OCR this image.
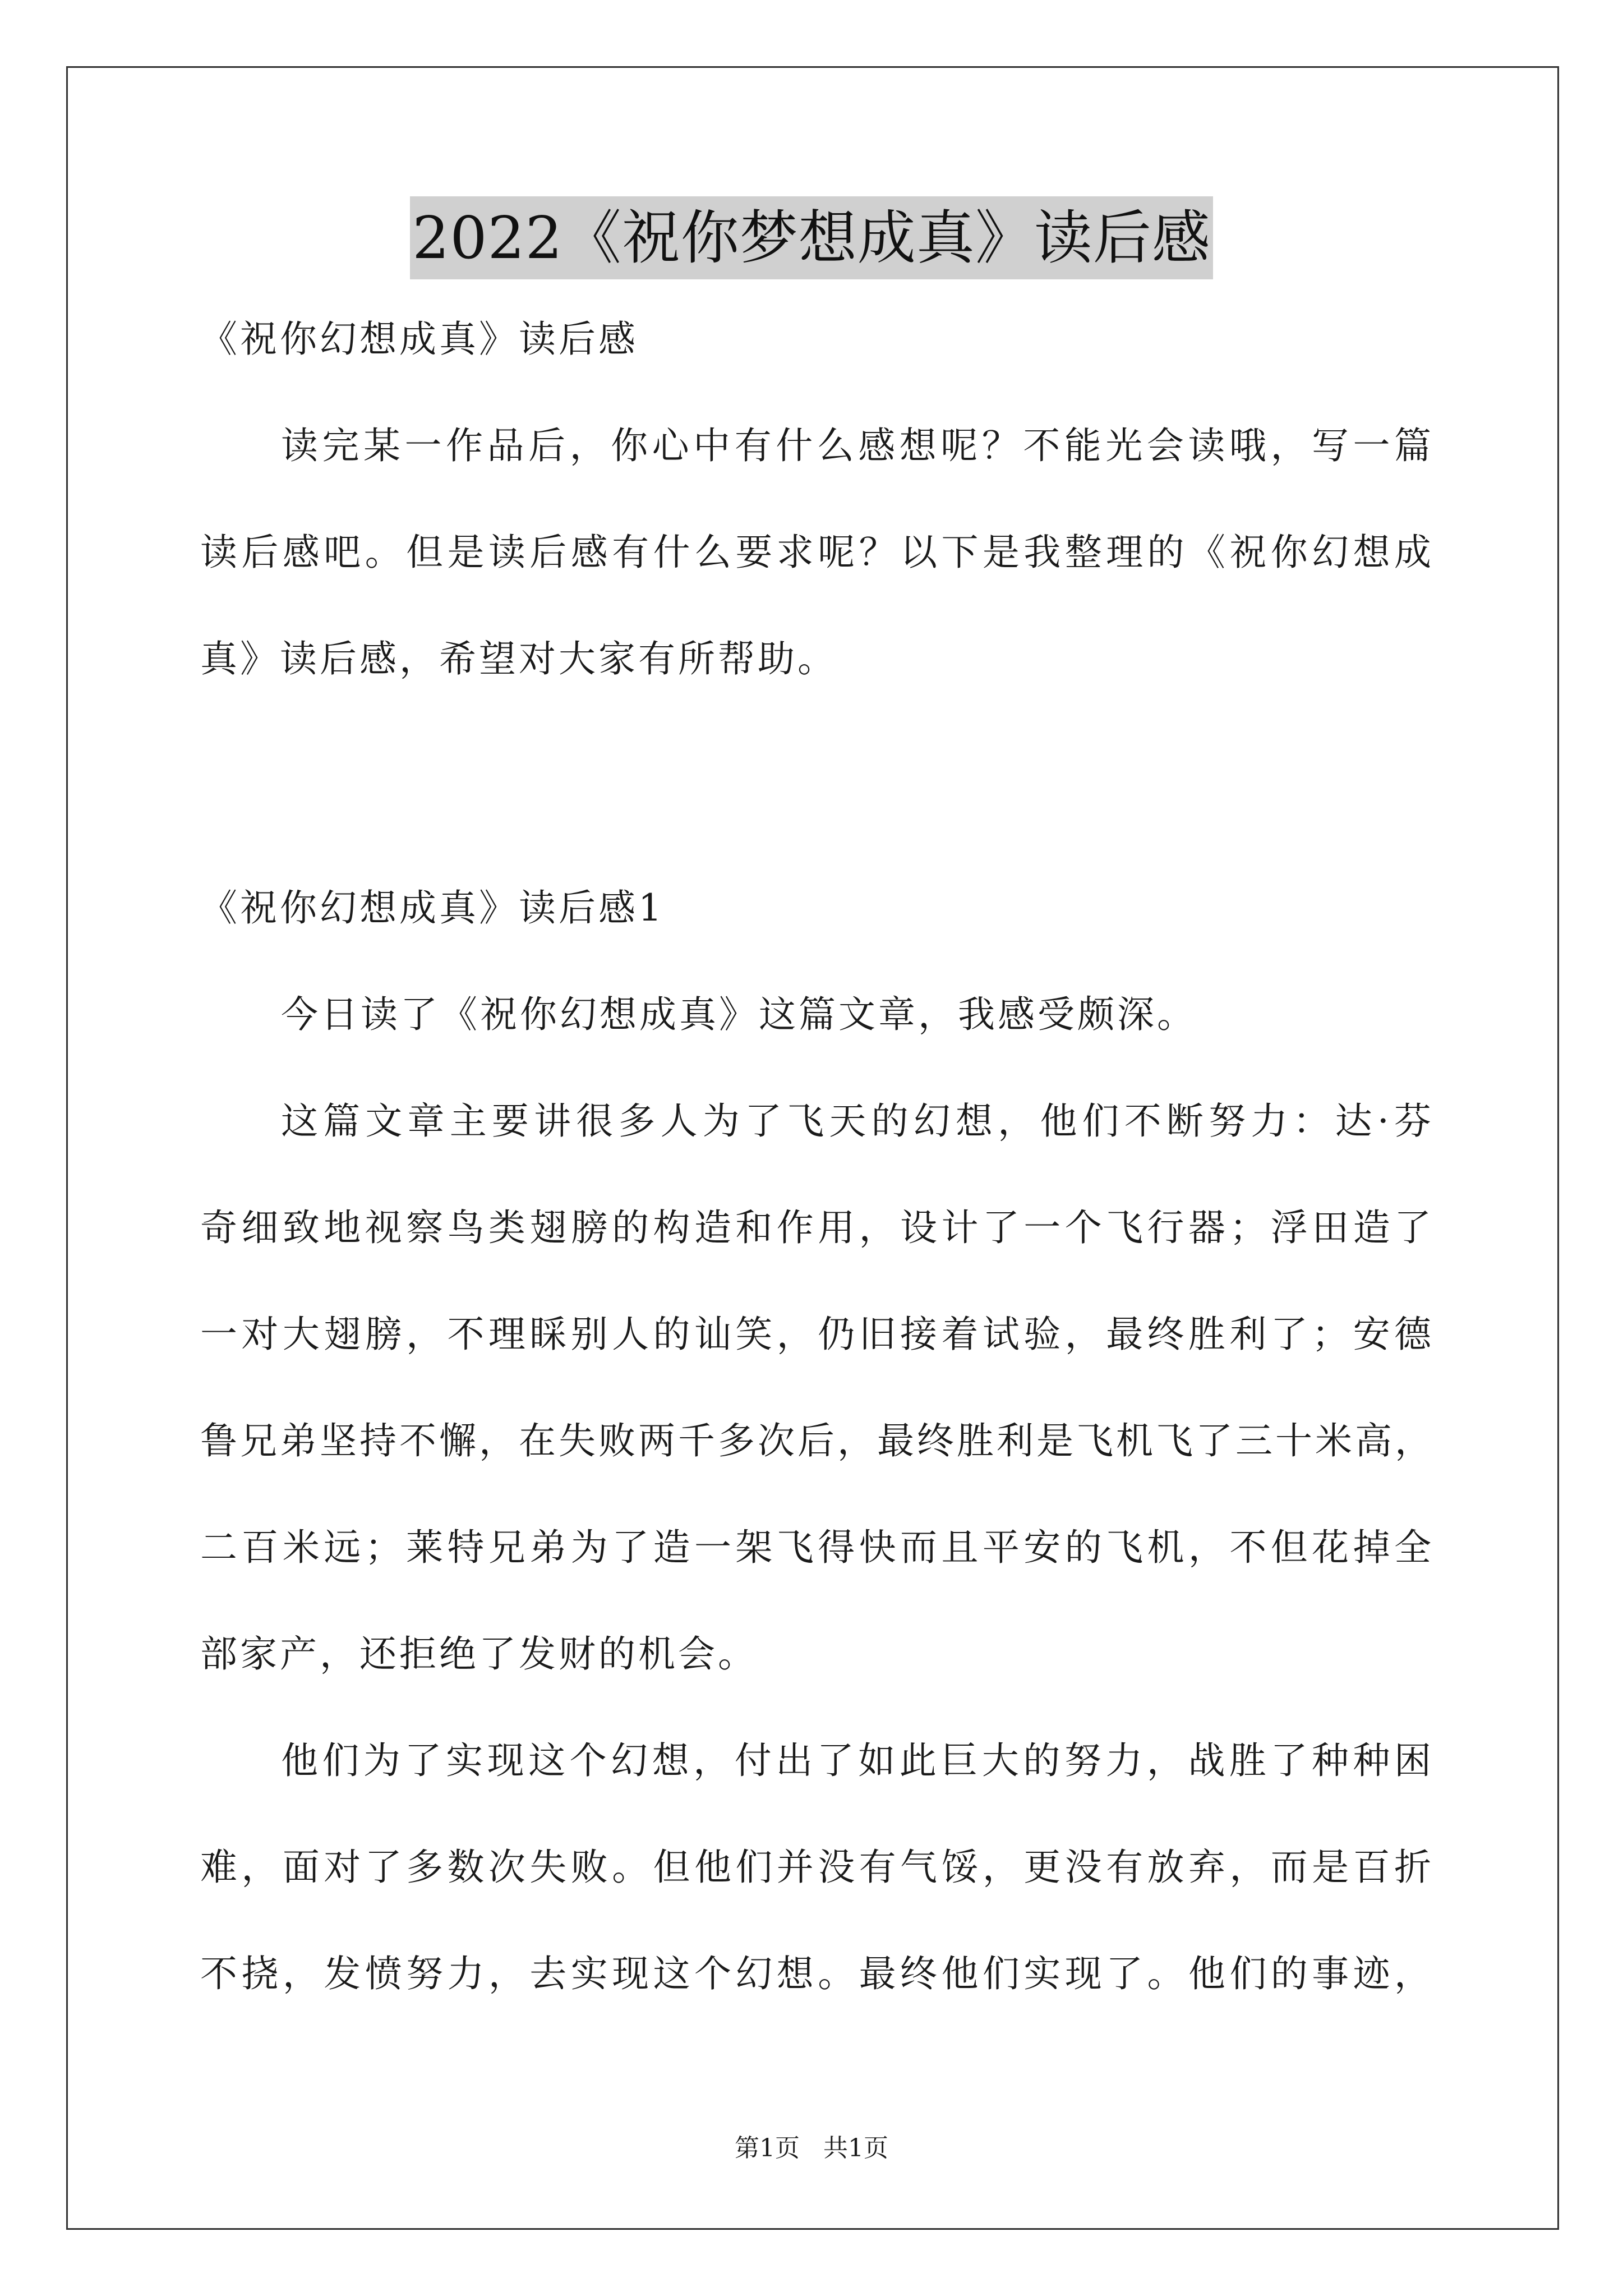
2022《祝你梦想成真》读后感
《祝你幻想成真》读后感
读完某一作品后，你心中有什么感想呢？不能光会读哦，写一篇
读后感吧。但是读后感有什么要求呢？以下是我整理的《祝你幻想成
真》读后感，希望对大家有所帮助。
《祝你幻想成真》读后感1
今日读了《祝你幻想成真》这篇文章，我感受颇深。
这篇文章主要讲很多人为了飞天的幻想，他们不断努力：达·芬
奇细致地视察鸟类翅膀的构造和作用，设计了一个飞行器；浮田造了
一对大翅膀，不理睬别人的讪笑，仍旧接着试验，最终胜利了；安德
鲁兄弟坚持不懈，在失败两千多次后，最终胜利是飞机飞了三十米高，
二百米远；莱特兄弟为了造一架飞得快而且平安的飞机，不但花掉全
部家产，还拒绝了发财的机会。
他们为了实现这个幻想，付出了如此巨大的努力，战胜了种种困
难，面对了多数次失败。但他们并没有气馁，更没有放弃，而是百折
不挠，发愤努力，去实现这个幻想。最终他们实现了。他们的事迹，
第1页 共1页
